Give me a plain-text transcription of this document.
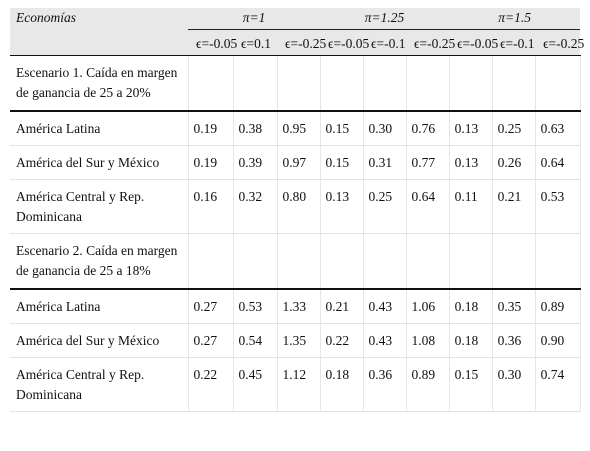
Economías	π=1			π=1.25			π=1.5		
	ϵ=-0.05	ϵ=0.1	ϵ=-0.25	ϵ=-0.05	ϵ=-0.1	ϵ=-0.25	ϵ=-0.05	ϵ=-0.1	ϵ=-0.25
Escenario 1. Caída en margen de ganancia de 25 a 20%									
América Latina	0.19	0.38	0.95	0.15	0.30	0.76	0.13	0.25	0.63
América del Sur y México	0.19	0.39	0.97	0.15	0.31	0.77	0.13	0.26	0.64
América Central y Rep. Dominicana	0.16	0.32	0.80	0.13	0.25	0.64	0.11	0.21	0.53
Escenario 2. Caída en margen de ganancia de 25 a 18%									
América Latina	0.27	0.53	1.33	0.21	0.43	1.06	0.18	0.35	0.89
América del Sur y México	0.27	0.54	1.35	0.22	0.43	1.08	0.18	0.36	0.90
América Central y Rep. Dominicana	0.22	0.45	1.12	0.18	0.36	0.89	0.15	0.30	0.74
